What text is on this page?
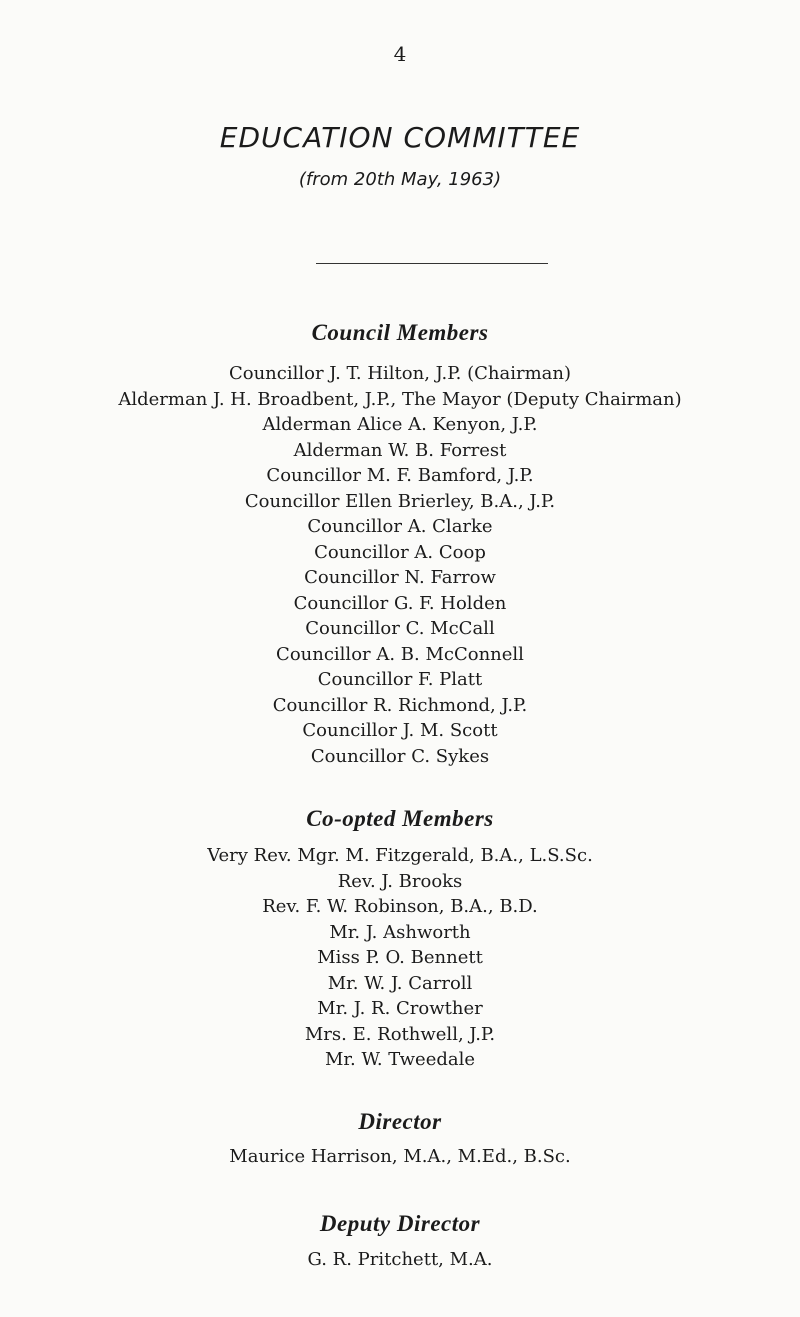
4
EDUCATION COMMITTEE
(from 20th May, 1963)
Council Members
Councillor J. T. Hilton, J.P. (Chairman)
Alderman J. H. Broadbent, J.P., The Mayor (Deputy Chairman)
Alderman Alice A. Kenyon, J.P.
Alderman W. B. Forrest
Councillor M. F. Bamford, J.P.
Councillor Ellen Brierley, B.A., J.P.
Councillor A. Clarke
Councillor A. Coop
Councillor N. Farrow
Councillor G. F. Holden
Councillor C. McCall
Councillor A. B. McConnell
Councillor F. Platt
Councillor R. Richmond, J.P.
Councillor J. M. Scott
Councillor C. Sykes
Co-opted Members
Very Rev. Mgr. M. Fitzgerald, B.A., L.S.Sc.
Rev. J. Brooks
Rev. F. W. Robinson, B.A., B.D.
Mr. J. Ashworth
Miss P. O. Bennett
Mr. W. J. Carroll
Mr. J. R. Crowther
Mrs. E. Rothwell, J.P.
Mr. W. Tweedale
Director
Maurice Harrison, M.A., M.Ed., B.Sc.
Deputy Director
G. R. Pritchett, M.A.
